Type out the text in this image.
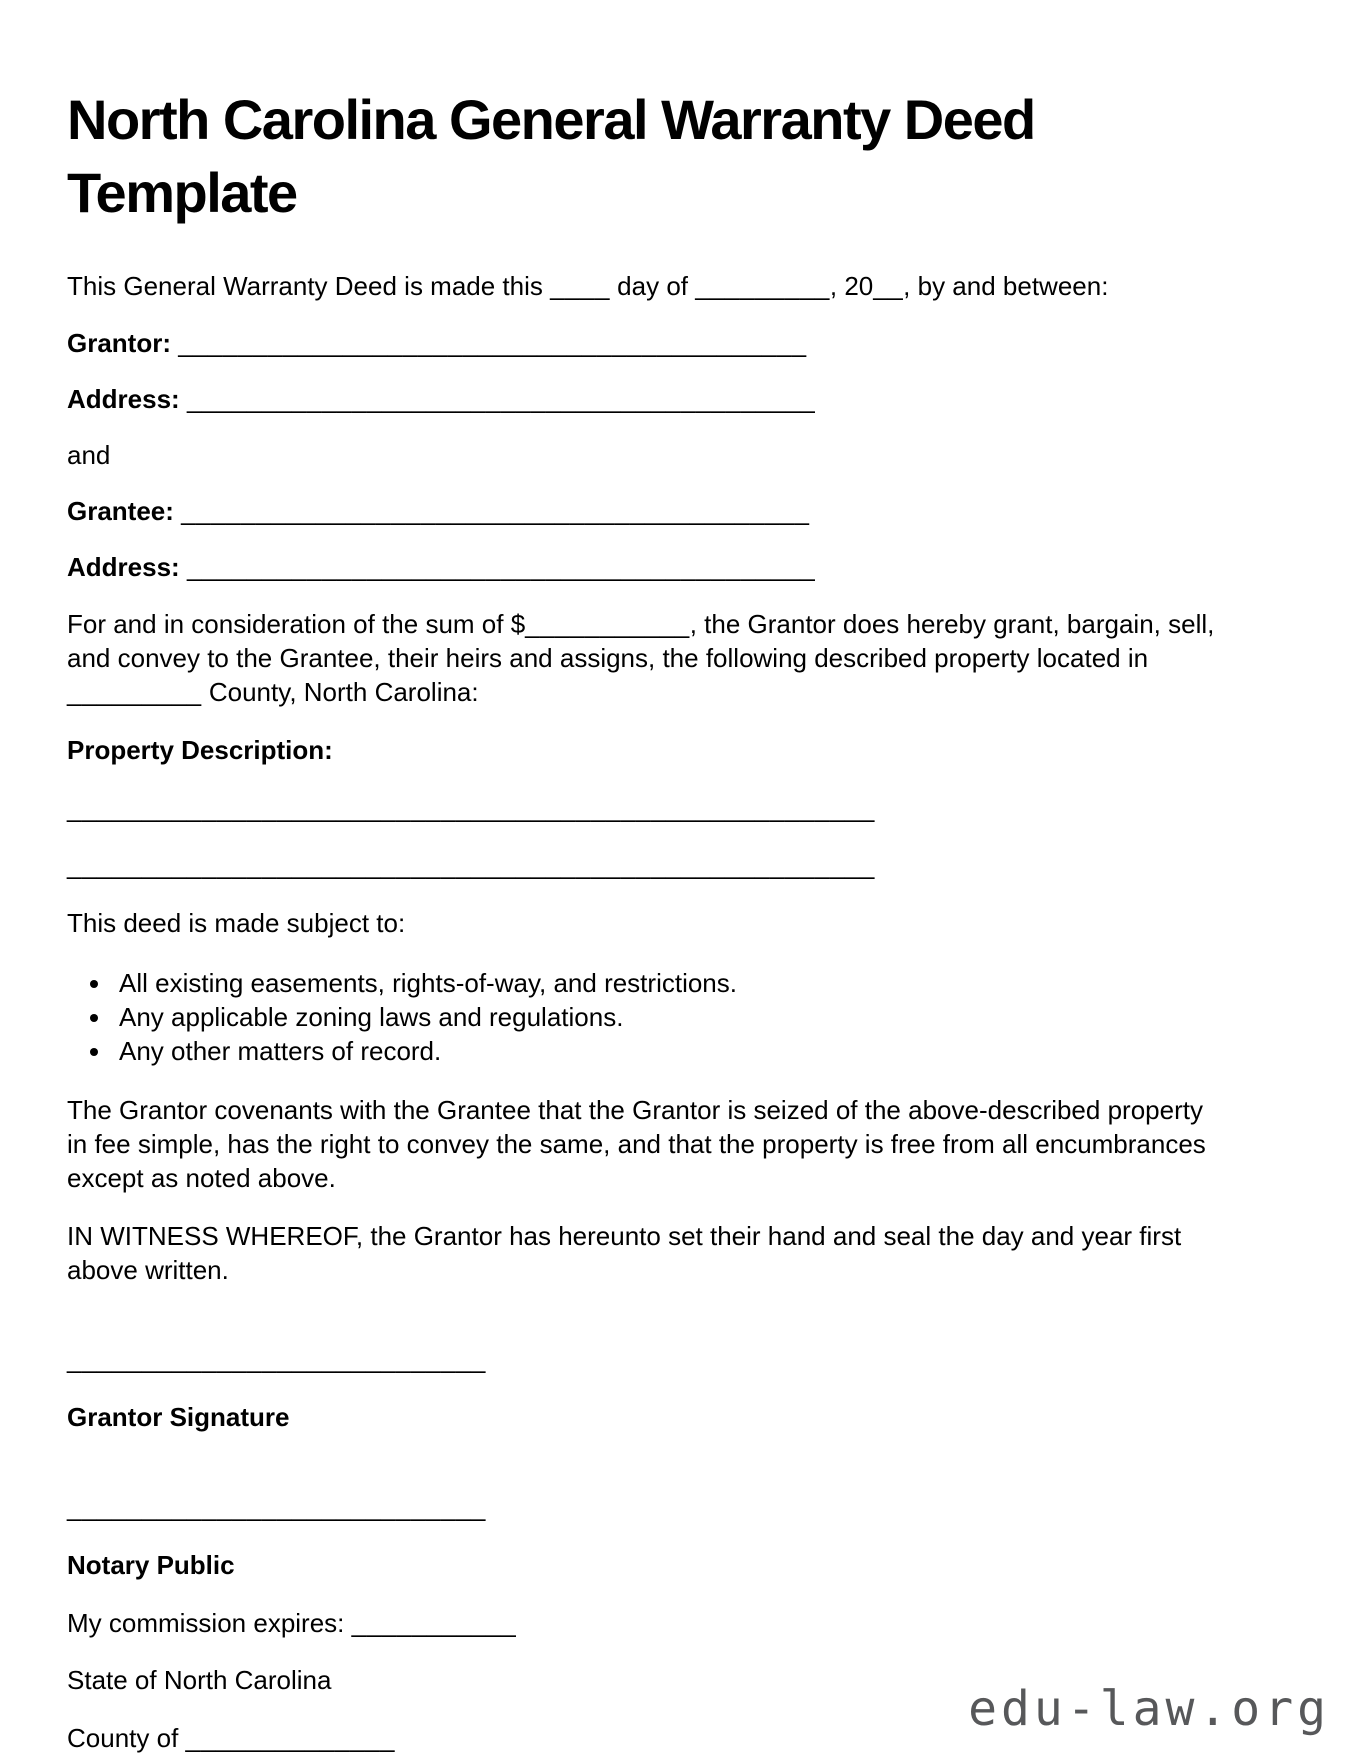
North Carolina General Warranty Deed Template

This General Warranty Deed is made this ____ day of _________, 20__, by and between:

Grantor: __________________________________________

Address: __________________________________________

and

Grantee: __________________________________________

Address: __________________________________________

For and in consideration of the sum of $___________, the Grantor does hereby grant, bargain, sell, and convey to the Grantee, their heirs and assigns, the following described property located in _________ County, North Carolina:

Property Description:

______________________________________________________

______________________________________________________

This deed is made subject to:

• All existing easements, rights-of-way, and restrictions.
• Any applicable zoning laws and regulations.
• Any other matters of record.

The Grantor covenants with the Grantee that the Grantor is seized of the above-described property in fee simple, has the right to convey the same, and that the property is free from all encumbrances except as noted above.

IN WITNESS WHEREOF, the Grantor has hereunto set their hand and seal the day and year first above written.

____________________________

Grantor Signature

____________________________

Notary Public

My commission expires: ___________

State of North Carolina

County of ______________

edu-law.org
